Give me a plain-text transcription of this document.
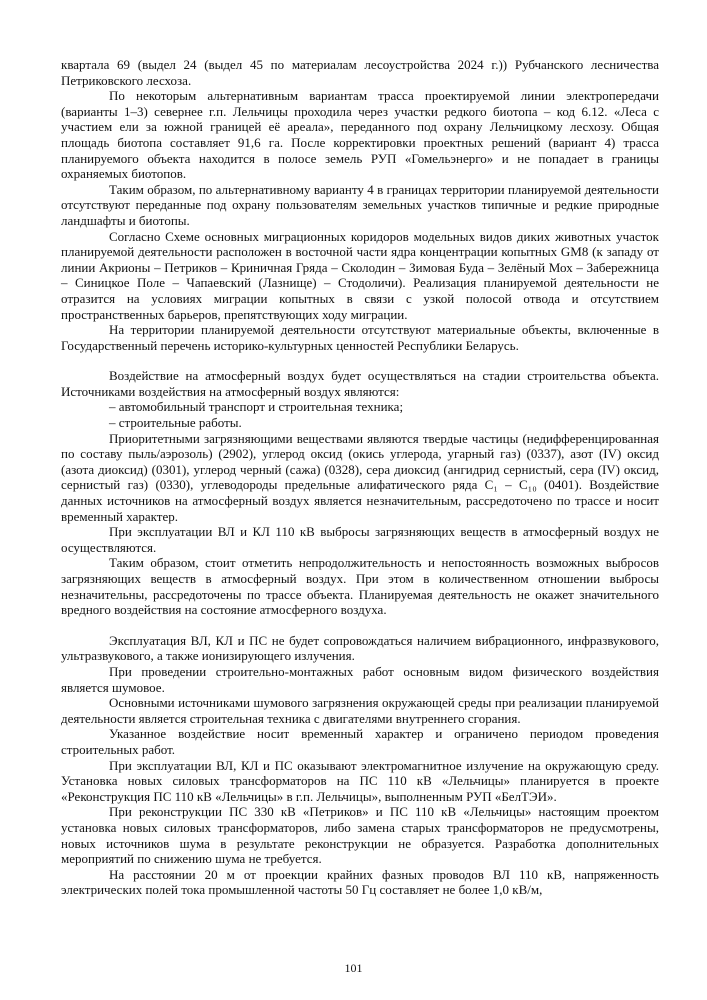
квартала 69 (выдел 24 (выдел 45 по материалам лесоустройства 2024 г.)) Рубчанского лесничества Петриковского лесхоза.

По некоторым альтернативным вариантам трасса проектируемой линии электропередачи (варианты 1–3) севернее г.п. Лельчицы проходила через участки редкого биотопа – код 6.12. «Леса с участием ели за южной границей её ареала», переданного под охрану Лельчицкому лесхозу. Общая площадь биотопа составляет 91,6 га. После корректировки проектных решений (вариант 4) трасса планируемого объекта находится в полосе земель РУП «Гомельэнерго» и не попадает в границы охраняемых биотопов.

Таким образом, по альтернативному варианту 4 в границах территории планируемой деятельности отсутствуют переданные под охрану пользователям земельных участков типичные и редкие природные ландшафты и биотопы.

Согласно Схеме основных миграционных коридоров модельных видов диких животных участок планируемой деятельности расположен в восточной части ядра концентрации копытных GM8 (к западу от линии Акрионы – Петриков – Криничная Гряда – Сколодин – Зимовая Буда – Зелёный Мох – Забережница – Синицкое Поле – Чапаевский (Лазнище) – Стодоличи). Реализация планируемой деятельности не отразится на условиях миграции копытных в связи с узкой полосой отвода и отсутствием пространственных барьеров, препятствующих ходу миграции.

На территории планируемой деятельности отсутствуют материальные объекты, включенные в Государственный перечень историко-культурных ценностей Республики Беларусь.

Воздействие на атмосферный воздух будет осуществляться на стадии строительства объекта. Источниками воздействия на атмосферный воздух являются:

– автомобильный транспорт и строительная техника;

– строительные работы.

Приоритетными загрязняющими веществами являются твердые частицы (недифференцированная по составу пыль/аэрозоль) (2902), углерод оксид (окись углерода, угарный газ) (0337), азот (IV) оксид (азота диоксид) (0301), углерод черный (сажа) (0328), сера диоксид (ангидрид сернистый, сера (IV) оксид, сернистый газ) (0330), углеводороды предельные алифатического ряда С₁ – С₁₀ (0401). Воздействие данных источников на атмосферный воздух является незначительным, рассредоточено по трассе и носит временный характер.

При эксплуатации ВЛ и КЛ 110 кВ выбросы загрязняющих веществ в атмосферный воздух не осуществляются.

Таким образом, стоит отметить непродолжительность и непостоянность возможных выбросов загрязняющих веществ в атмосферный воздух. При этом в количественном отношении выбросы незначительны, рассредоточены по трассе объекта. Планируемая деятельность не окажет значительного вредного воздействия на состояние атмосферного воздуха.

Эксплуатация ВЛ, КЛ и ПС не будет сопровождаться наличием вибрационного, инфразвукового, ультразвукового, а также ионизирующего излучения.

При проведении строительно-монтажных работ основным видом физического воздействия является шумовое.

Основными источниками шумового загрязнения окружающей среды при реализации планируемой деятельности является строительная техника с двигателями внутреннего сгорания.

Указанное воздействие носит временный характер и ограничено периодом проведения строительных работ.

При эксплуатации ВЛ, КЛ и ПС оказывают электромагнитное излучение на окружающую среду. Установка новых силовых трансформаторов на ПС 110 кВ «Лельчицы» планируется в проекте «Реконструкция ПС 110 кВ «Лельчицы» в г.п. Лельчицы», выполненным РУП «БелТЭИ».

При реконструкции ПС 330 кВ «Петриков» и ПС 110 кВ «Лельчицы» настоящим проектом установка новых силовых трансформаторов, либо замена старых трансформаторов не предусмотрены, новых источников шума в результате реконструкции не образуется. Разработка дополнительных мероприятий по снижению шума не требуется.

На расстоянии 20 м от проекции крайних фазных проводов ВЛ 110 кВ, напряженность электрических полей тока промышленной частоты 50 Гц составляет не более 1,0 кВ/м,

101
